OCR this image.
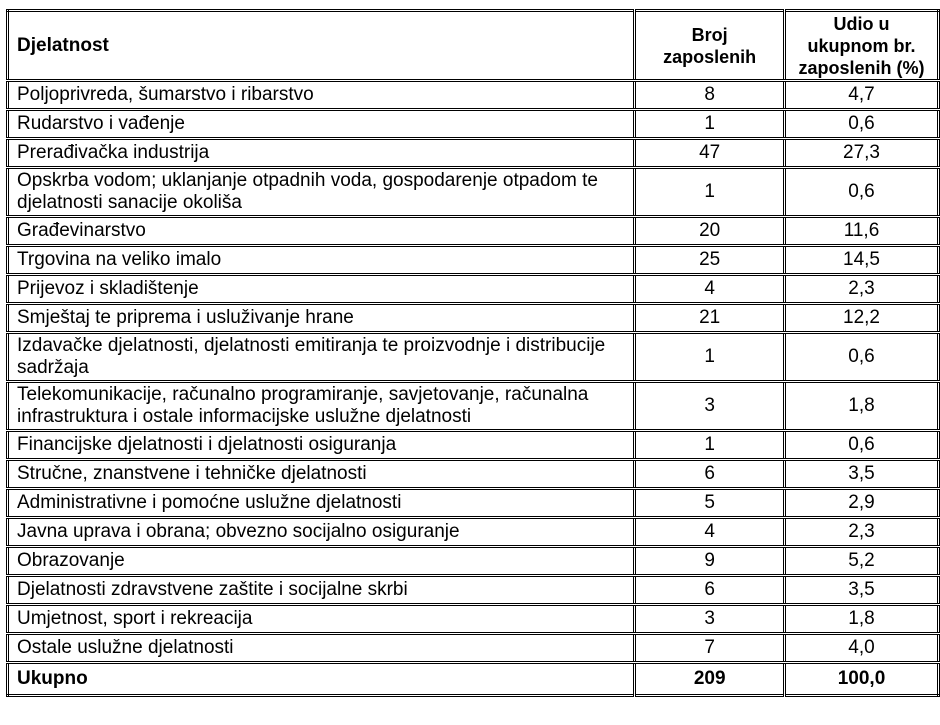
Djelatnost	Broj zaposlenih	Udio u ukupnom br. zaposlenih (%)

Poljoprivreda, šumarstvo i ribarstvo	8	4,7
Rudarstvo i vađenje	1	0,6
Prerađivačka industrija	47	27,3
Opskrba vodom; uklanjanje otpadnih voda, gospodarenje otpadom te djelatnosti sanacije okoliša	1	0,6
Građevinarstvo	20	11,6
Trgovina na veliko imalo	25	14,5
Prijevoz i skladištenje	4	2,3
Smještaj te priprema i usluživanje hrane	21	12,2
Izdavačke djelatnosti, djelatnosti emitiranja te proizvodnje i distribucije sadržaja	1	0,6
Telekomunikacije, računalno programiranje, savjetovanje, računalna infrastruktura i ostale informacijske uslužne djelatnosti	3	1,8
Financijske djelatnosti i djelatnosti osiguranja	1	0,6
Stručne, znanstvene i tehničke djelatnosti	6	3,5
Administrativne i pomoćne uslužne djelatnosti	5	2,9
Javna uprava i obrana; obvezno socijalno osiguranje	4	2,3
Obrazovanje	9	5,2
Djelatnosti zdravstvene zaštite i socijalne skrbi	6	3,5
Umjetnost, sport i rekreacija	3	1,8
Ostale uslužne djelatnosti	7	4,0
Ukupno	209	100,0
